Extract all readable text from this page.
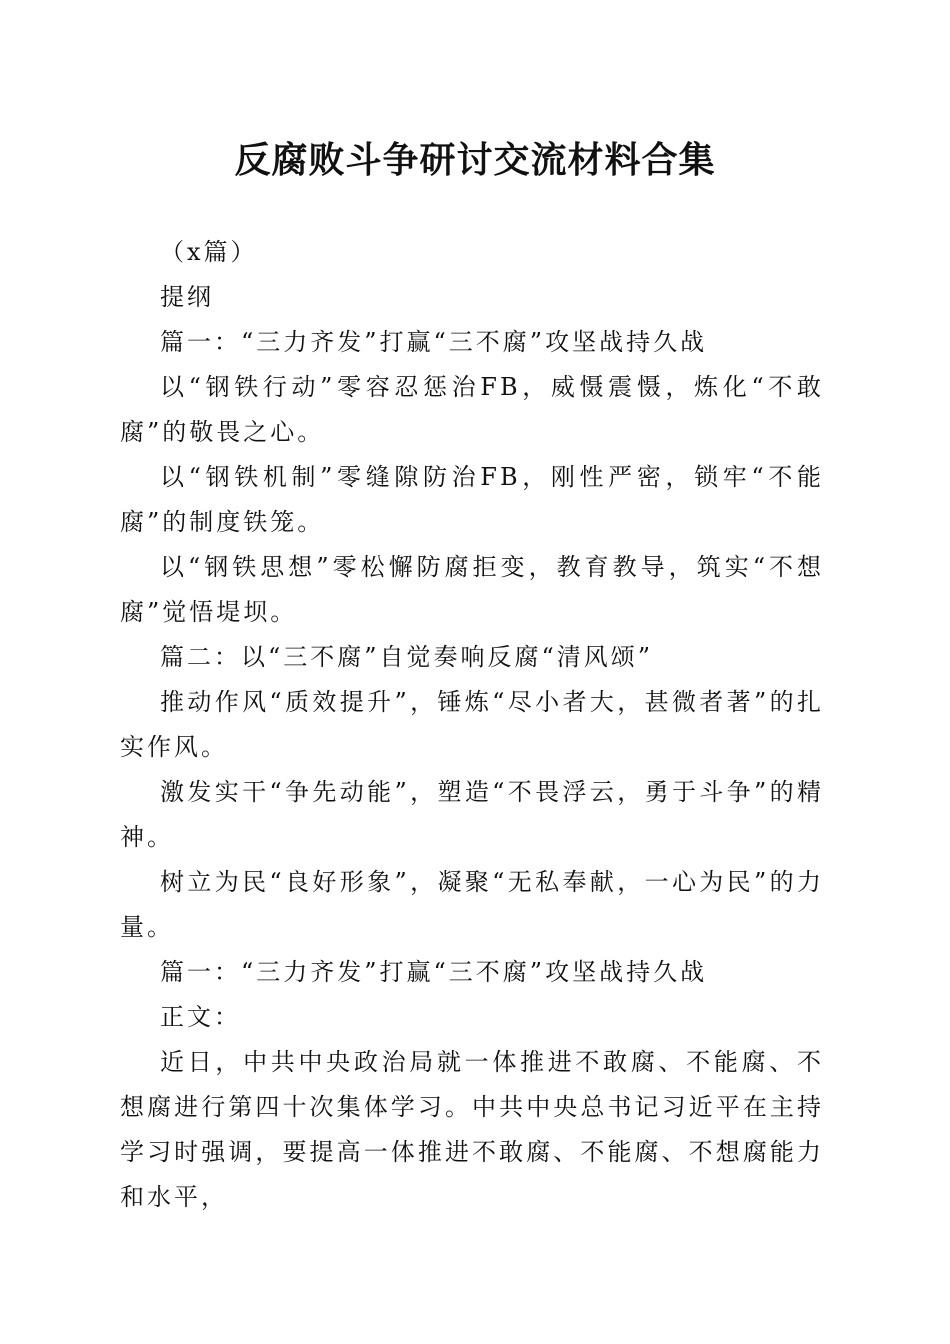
反腐败斗争研讨交流材料合集

（x篇）

提纲

篇一：“三力齐发”打赢“三不腐”攻坚战持久战

以“钢铁行动”零容忍惩治FB，威慑震慑，炼化“不敢腐”的敬畏之心。

以“钢铁机制”零缝隙防治FB，刚性严密，锁牢“不能腐”的制度铁笼。

以“钢铁思想”零松懈防腐拒变，教育教导，筑实“不想腐”觉悟堤坝。

篇二：以“三不腐”自觉奏响反腐“清风颂”

推动作风“质效提升”，锤炼“尽小者大，甚微者著”的扎实作风。

激发实干“争先动能”，塑造“不畏浮云，勇于斗争”的精神。

树立为民“良好形象”，凝聚“无私奉献，一心为民”的力量。

篇一：“三力齐发”打赢“三不腐”攻坚战持久战

正文：

近日，中共中央政治局就一体推进不敢腐、不能腐、不想腐进行第四十次集体学习。中共中央总书记习近平在主持学习时强调，要提高一体推进不敢腐、不能腐、不想腐能力和水平，
